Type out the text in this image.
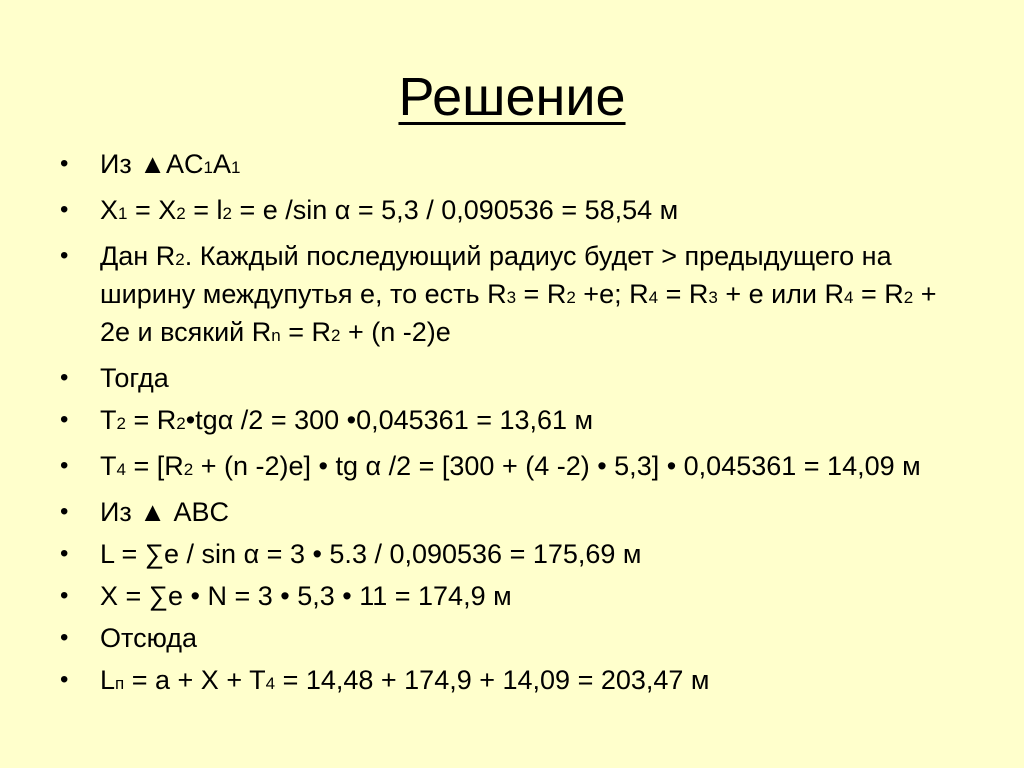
Решение
• Из ▲AC1A1
• X1 = X2 = l2 = e /sin α = 5,3 / 0,090536 = 58,54 м
• Дан R2. Каждый последующий радиус будет > предыдущего на ширину междупутья e, то есть R3 = R2 +e; R4 = R3 + e или R4 = R2 + 2e и всякий Rn = R2 + (n -2)e
• Тогда
• T2 = R2•tgα /2 = 300 •0,045361 = 13,61 м
• T4 = [R2 + (n -2)e] • tg α /2 = [300 + (4 -2) • 5,3] • 0,045361 = 14,09 м
• Из ▲ ABC
• L = ∑e / sin α = 3 • 5.3 / 0,090536 = 175,69 м
• X = ∑e • N = 3 • 5,3 • 11 = 174,9 м
• Отсюда
• Lп = a + X + T4 = 14,48 + 174,9 + 14,09 = 203,47 м
